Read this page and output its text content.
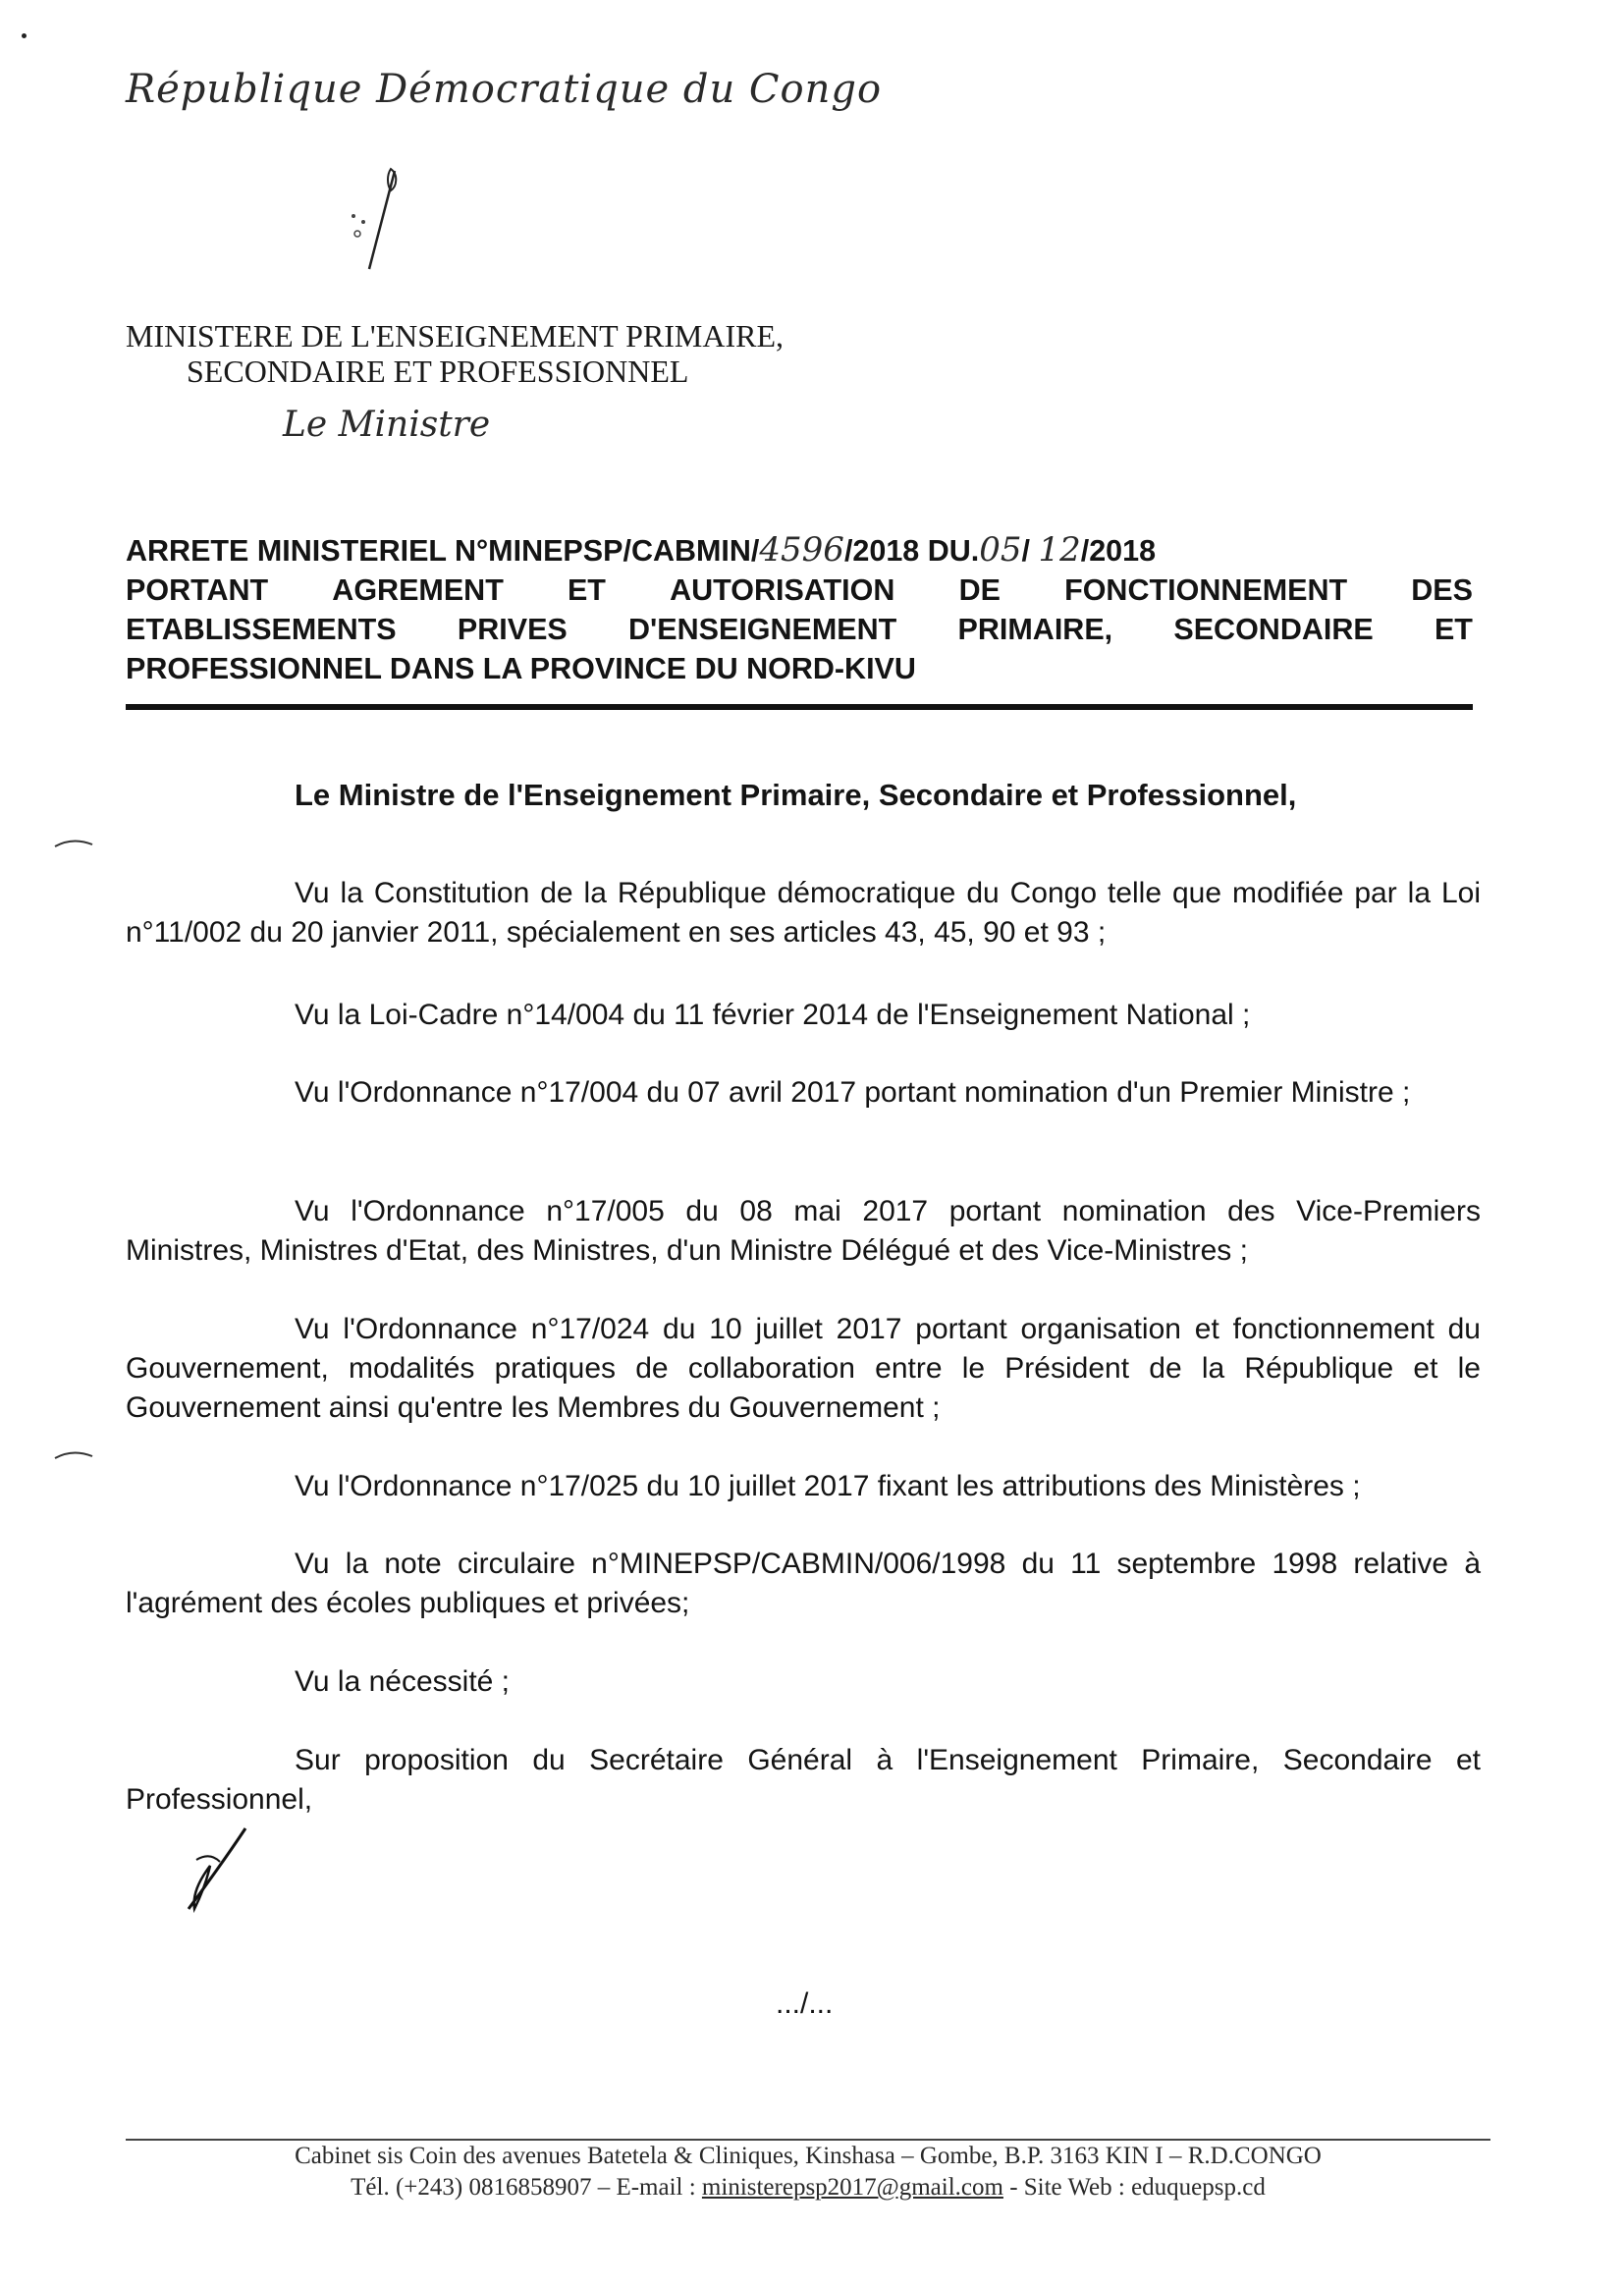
République Démocratique du Congo
MINISTERE DE L'ENSEIGNEMENT PRIMAIRE,
SECONDAIRE ET PROFESSIONNEL
Le Ministre
ARRETE MINISTERIEL N°MINEPSP/CABMIN/4596/2018 DU.05/ 12/2018
PORTANT AGREMENT ET AUTORISATION DE FONCTIONNEMENT DES
ETABLISSEMENTS PRIVES D'ENSEIGNEMENT PRIMAIRE, SECONDAIRE ET
PROFESSIONNEL DANS LA PROVINCE DU NORD-KIVU
Le Ministre de l'Enseignement Primaire, Secondaire et Professionnel,
Vu la Constitution de la République démocratique du Congo telle que modifiée par la Loi n°11/002 du 20 janvier 2011, spécialement en ses articles 43, 45, 90 et 93 ;
Vu la Loi-Cadre n°14/004 du 11 février 2014 de l'Enseignement National ;
Vu l'Ordonnance n°17/004 du 07 avril 2017 portant nomination d'un Premier Ministre ;
Vu l'Ordonnance n°17/005 du 08 mai 2017 portant nomination des Vice-Premiers Ministres, Ministres d'Etat, des Ministres, d'un Ministre Délégué et des Vice-Ministres ;
Vu l'Ordonnance n°17/024 du 10 juillet 2017 portant organisation et fonctionnement du Gouvernement, modalités pratiques de collaboration entre le Président de la République et le Gouvernement ainsi qu'entre les Membres du Gouvernement ;
Vu l'Ordonnance n°17/025 du 10 juillet 2017 fixant les attributions des Ministères ;
Vu la note circulaire n°MINEPSP/CABMIN/006/1998 du 11 septembre 1998 relative à l'agrément des écoles publiques et privées;
Vu la nécessité ;
Sur proposition du Secrétaire Général à l'Enseignement Primaire, Secondaire et Professionnel,
.../...
Cabinet sis Coin des avenues Batetela & Cliniques, Kinshasa – Gombe, B.P. 3163 KIN I – R.D.CONGO
Tél. (+243) 0816858907 – E-mail : ministerepsp2017@gmail.com - Site Web : eduquepsp.cd
